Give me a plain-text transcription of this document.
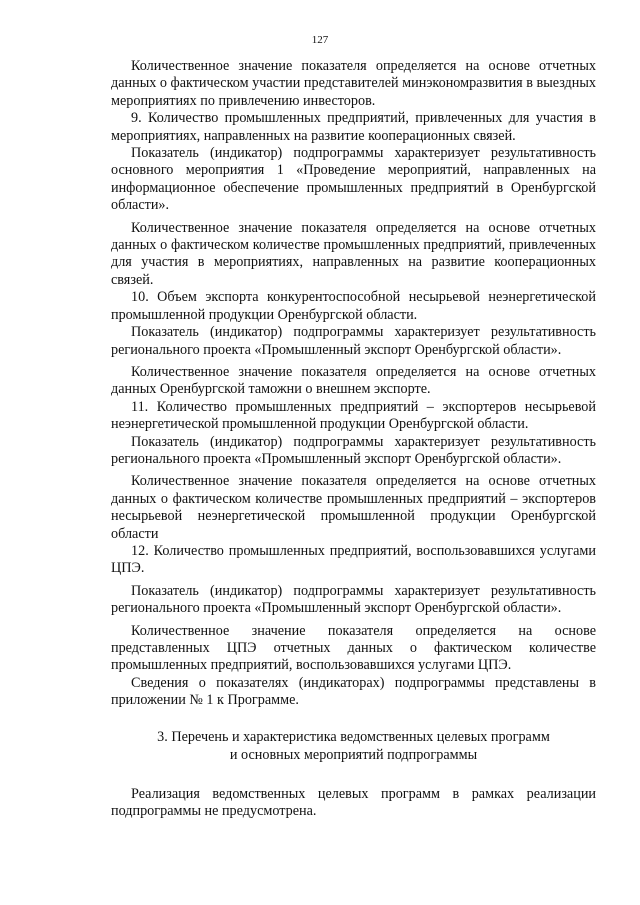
127

Количественное значение показателя определяется на основе отчетных данных о фактическом участии представителей минэкономразвития в выездных мероприятиях по привлечению инвесторов.

9. Количество промышленных предприятий, привлеченных для участия в мероприятиях, направленных на развитие кооперационных связей.

Показатель (индикатор) подпрограммы характеризует результативность основного мероприятия 1 «Проведение мероприятий, направленных на информационное обеспечение промышленных предприятий в Оренбургской области».

Количественное значение показателя определяется на основе отчетных данных о фактическом количестве промышленных предприятий, привлеченных для участия в мероприятиях, направленных на развитие кооперационных связей.

10. Объем экспорта конкурентоспособной несырьевой неэнергетической промышленной продукции Оренбургской области.

Показатель (индикатор) подпрограммы характеризует результативность регионального проекта «Промышленный экспорт Оренбургской области».

Количественное значение показателя определяется на основе отчетных данных Оренбургской таможни о внешнем экспорте.

11. Количество промышленных предприятий – экспортеров несырьевой неэнергетической промышленной продукции Оренбургской области.

Показатель (индикатор) подпрограммы характеризует результативность регионального проекта «Промышленный экспорт Оренбургской области».

Количественное значение показателя определяется на основе отчетных данных о фактическом количестве промышленных предприятий – экспортеров несырьевой неэнергетической промышленной продукции Оренбургской области

12. Количество промышленных предприятий, воспользовавшихся услугами ЦПЭ.

Показатель (индикатор) подпрограммы характеризует результативность регионального проекта «Промышленный экспорт Оренбургской области».

Количественное значение показателя определяется на основе представленных ЦПЭ отчетных данных о фактическом количестве промышленных предприятий, воспользовавшихся услугами ЦПЭ.

Сведения о показателях (индикаторах) подпрограммы представлены в приложении № 1 к Программе.

3. Перечень и характеристика ведомственных целевых программ
и основных мероприятий подпрограммы

Реализация ведомственных целевых программ в рамках реализации подпрограммы не предусмотрена.
